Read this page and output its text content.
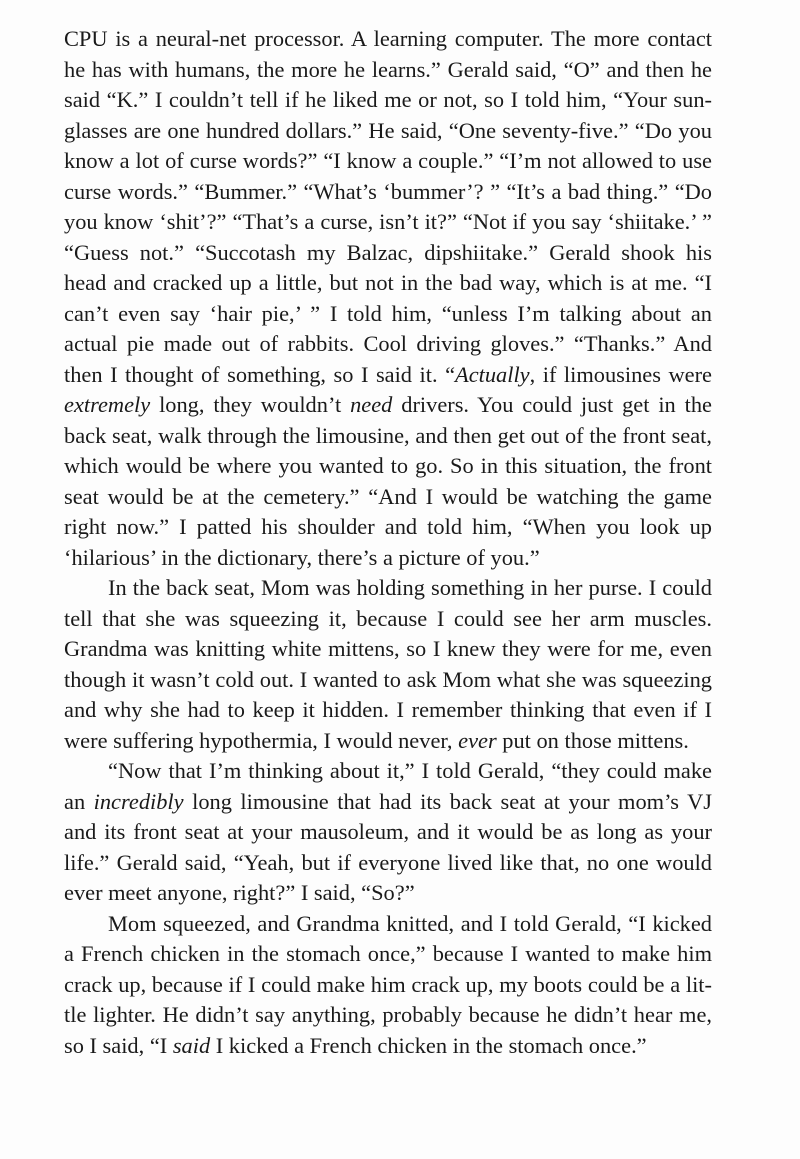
CPU is a neural-net processor. A learning computer. The more contact he has with humans, the more he learns.” Gerald said, “O” and then he said “K.” I couldn’t tell if he liked me or not, so I told him, “Your sunglasses are one hundred dollars.” He said, “One seventy-five.” “Do you know a lot of curse words?” “I know a couple.” “I’m not allowed to use curse words.” “Bummer.” “What’s ‘bummer’? ” “It’s a bad thing.” “Do you know ‘shit’?” “That’s a curse, isn’t it?” “Not if you say ‘shiitake.’ ” “Guess not.” “Succotash my Balzac, dipshiitake.” Gerald shook his head and cracked up a little, but not in the bad way, which is at me. “I can’t even say ‘hair pie,’ ” I told him, “unless I’m talking about an actual pie made out of rabbits. Cool driving gloves.” “Thanks.” And then I thought of something, so I said it. “Actually, if limousines were extremely long, they wouldn’t need drivers. You could just get in the back seat, walk through the limousine, and then get out of the front seat, which would be where you wanted to go. So in this situation, the front seat would be at the cemetery.” “And I would be watching the game right now.” I patted his shoulder and told him, “When you look up ‘hilarious’ in the dictionary, there’s a picture of you.”

In the back seat, Mom was holding something in her purse. I could tell that she was squeezing it, because I could see her arm muscles. Grandma was knitting white mittens, so I knew they were for me, even though it wasn’t cold out. I wanted to ask Mom what she was squeezing and why she had to keep it hidden. I remember thinking that even if I were suffering hypothermia, I would never, ever put on those mittens.

“Now that I’m thinking about it,” I told Gerald, “they could make an incredibly long limousine that had its back seat at your mom’s VJ and its front seat at your mausoleum, and it would be as long as your life.” Gerald said, “Yeah, but if everyone lived like that, no one would ever meet anyone, right?” I said, “So?”

Mom squeezed, and Grandma knitted, and I told Gerald, “I kicked a French chicken in the stomach once,” because I wanted to make him crack up, because if I could make him crack up, my boots could be a little lighter. He didn’t say anything, probably because he didn’t hear me, so I said, “I said I kicked a French chicken in the stomach once.”
